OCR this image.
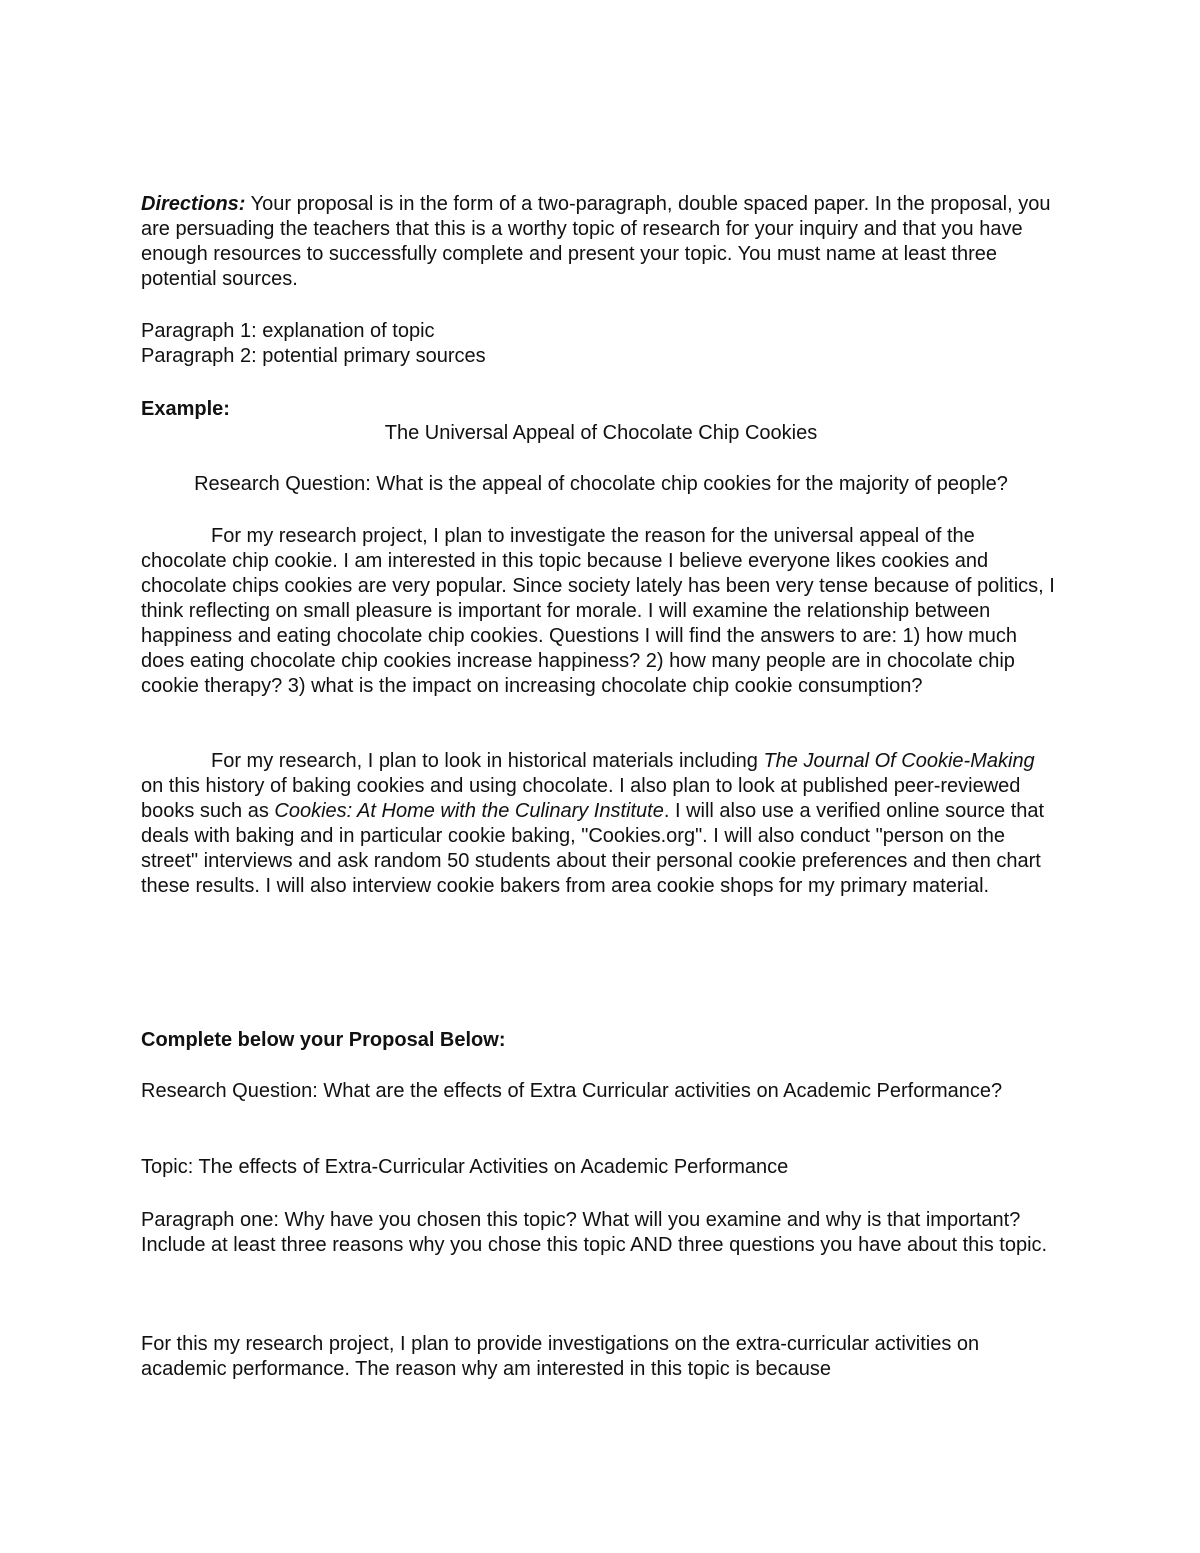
Directions: Your proposal is in the form of a two-paragraph, double spaced paper. In the proposal, you are persuading the teachers that this is a worthy topic of research for your inquiry and that you have enough resources to successfully complete and present your topic. You must name at least three potential sources.

Paragraph 1: explanation of topic

Paragraph 2: potential primary sources

Example:

The Universal Appeal of Chocolate Chip Cookies

Research Question: What is the appeal of chocolate chip cookies for the majority of people?

For my research project, I plan to investigate the reason for the universal appeal of the chocolate chip cookie. I am interested in this topic because I believe everyone likes cookies and chocolate chips cookies are very popular. Since society lately has been very tense because of politics, I think reflecting on small pleasure is important for morale. I will examine the relationship between happiness and eating chocolate chip cookies. Questions I will find the answers to are: 1) how much does eating chocolate chip cookies increase happiness? 2) how many people are in chocolate chip cookie therapy? 3) what is the impact on increasing chocolate chip cookie consumption?

For my research, I plan to look in historical materials including The Journal Of Cookie-Making on this history of baking cookies and using chocolate. I also plan to look at published peer-reviewed books such as Cookies: At Home with the Culinary Institute. I will also use a verified online source that deals with baking and in particular cookie baking, "Cookies.org". I will also conduct "person on the street" interviews and ask random 50 students about their personal cookie preferences and then chart these results. I will also interview cookie bakers from area cookie shops for my primary material.

Complete below your Proposal Below:

Research Question: What are the effects of Extra Curricular activities on Academic Performance?

Topic: The effects of Extra-Curricular Activities on Academic Performance

Paragraph one: Why have you chosen this topic? What will you examine and why is that important? Include at least three reasons why you chose this topic AND three questions you have about this topic.

For this my research project, I plan to provide investigations on the extra-curricular activities on academic performance. The reason why am interested in this topic is because
